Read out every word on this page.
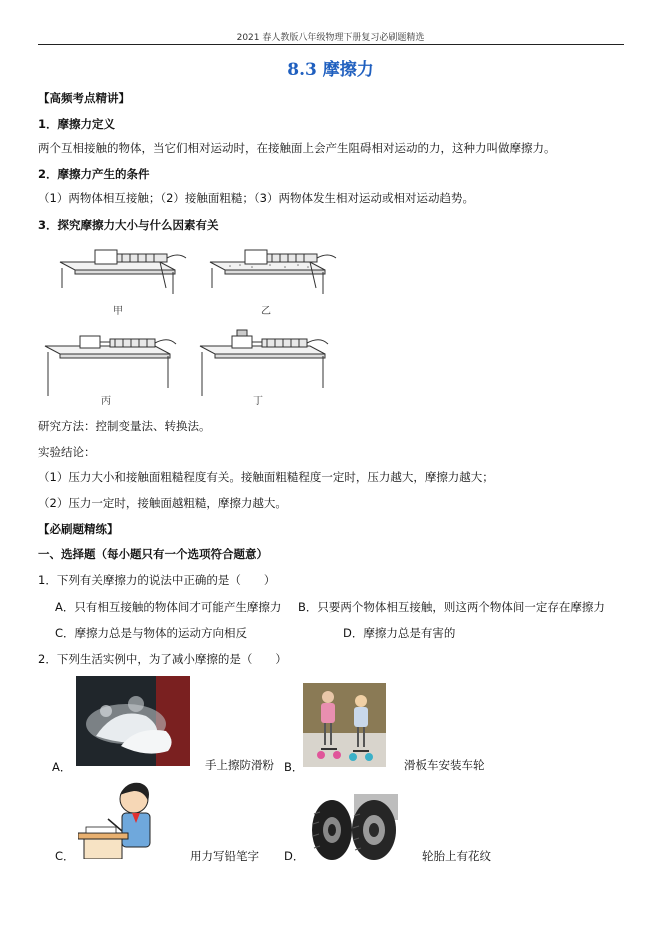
2021 春人教版八年级物理下册复习必刷题精选
8.3 摩擦力
【高频考点精讲】
1．摩擦力定义
两个互相接触的物体，当它们相对运动时，在接触面上会产生阻碍相对运动的力，这种力叫做摩擦力。
2．摩擦力产生的条件
（1）两物体相互接触；（2）接触面粗糙；（3）两物体发生相对运动或相对运动趋势。
3．探究摩擦力大小与什么因素有关
甲	乙
丙	丁
研究方法：控制变量法、转换法。
实验结论：
（1）压力大小和接触面粗糙程度有关。接触面粗糙程度一定时，压力越大，摩擦力越大；
（2）压力一定时，接触面越粗糙，摩擦力越大。
【必刷题精练】
一、选择题（每小题只有一个选项符合题意）
1．下列有关摩擦力的说法中正确的是（　　）
A．只有相互接触的物体间才可能产生摩擦力 B．只要两个物体相互接触，则这两个物体间一定存在摩擦力
C．摩擦力总是与物体的运动方向相反	D．摩擦力总是有害的
2．下列生活实例中，为了减小摩擦的是（　　）
A．	手上擦防滑粉 B．	滑板车安装车轮
C．	用力写铅笔字 D．	轮胎上有花纹
